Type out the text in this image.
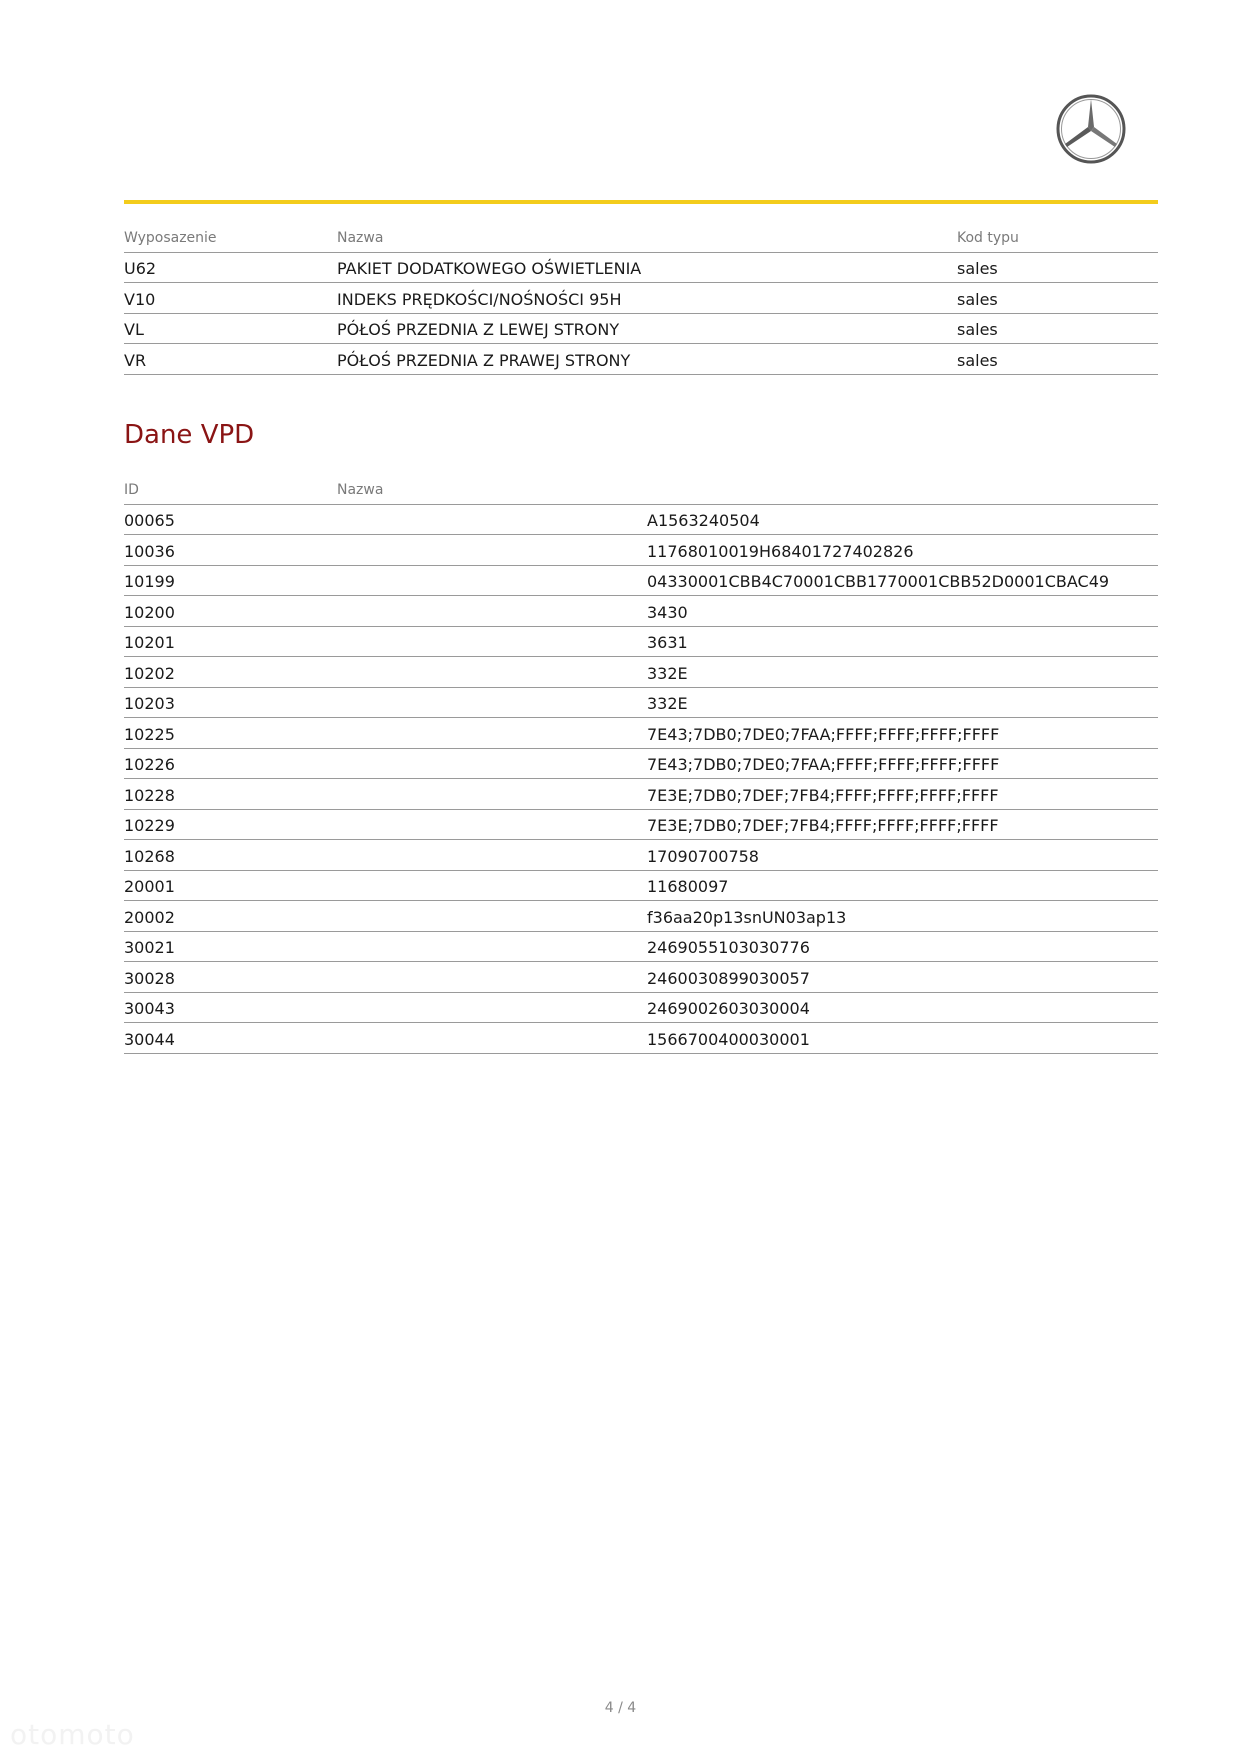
Wyposazenie	Nazwa	Kod typu
U62	PAKIET DODATKOWEGO OŚWIETLENIA	sales
V10	INDEKS PRĘDKOŚCI/NOŚNOŚCI 95H	sales
VL	PÓŁOŚ PRZEDNIA Z LEWEJ STRONY	sales
VR	PÓŁOŚ PRZEDNIA Z PRAWEJ STRONY	sales
Dane VPD
ID	Nazwa	
00065		A1563240504
10036		11768010019H68401727402826
10199		04330001CBB4C70001CBB1770001CBB52D0001CBAC49
10200		3430
10201		3631
10202		332E
10203		332E
10225		7E43;7DB0;7DE0;7FAA;FFFF;FFFF;FFFF;FFFF
10226		7E43;7DB0;7DE0;7FAA;FFFF;FFFF;FFFF;FFFF
10228		7E3E;7DB0;7DEF;7FB4;FFFF;FFFF;FFFF;FFFF
10229		7E3E;7DB0;7DEF;7FB4;FFFF;FFFF;FFFF;FFFF
10268		17090700758
20001		11680097
20002		f36aa20p13snUN03ap13
30021		2469055103030776
30028		2460030899030057
30043		2469002603030004
30044		1566700400030001
4 / 4
otomoto
